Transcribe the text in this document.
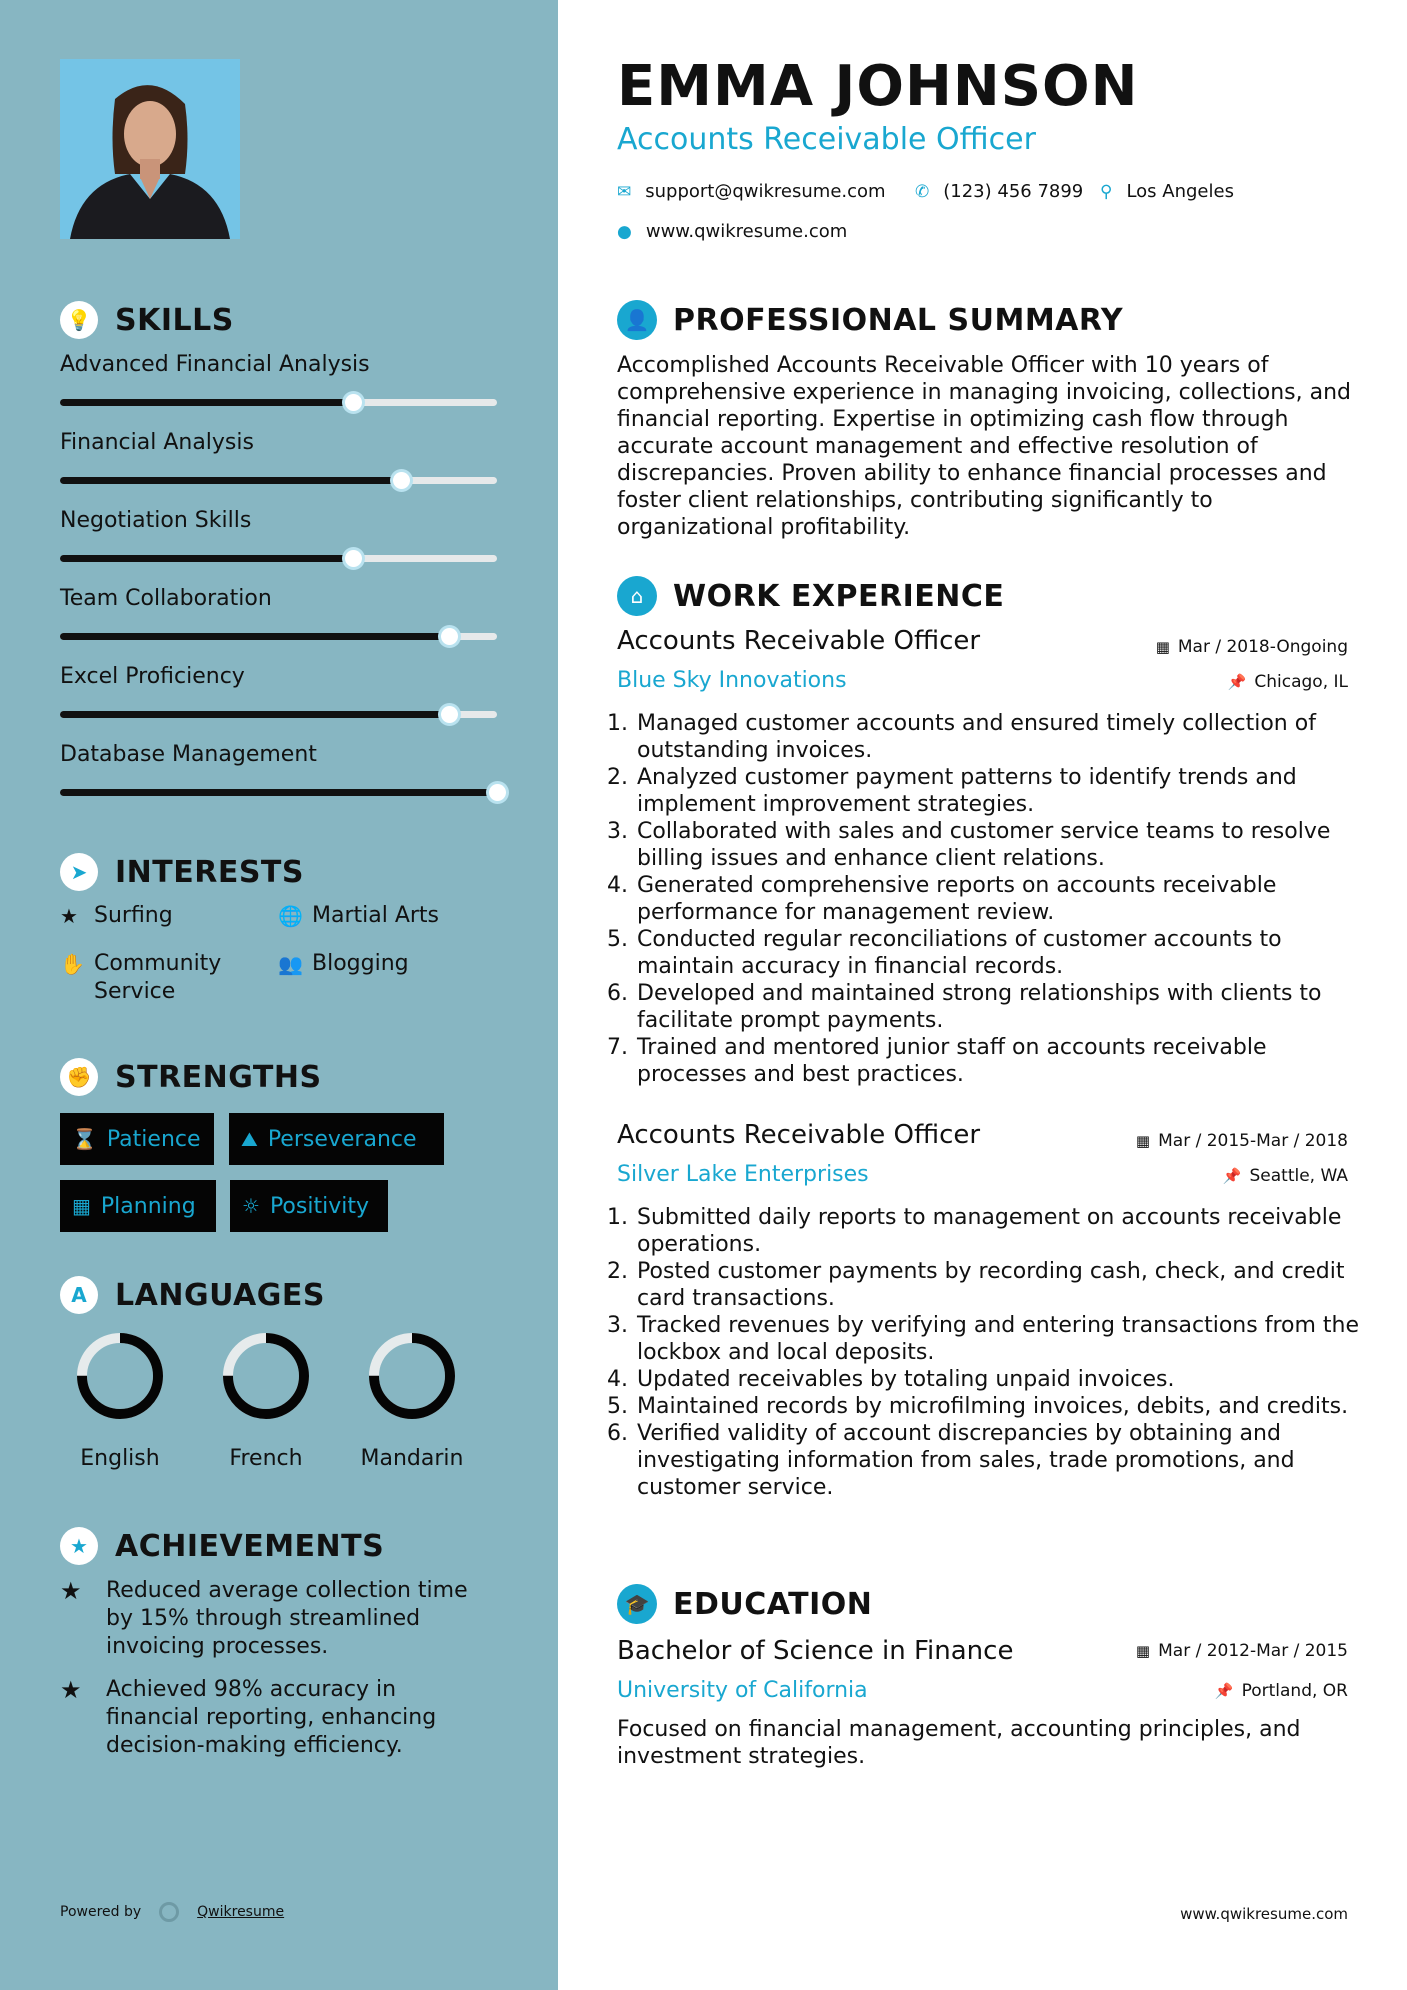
💡 SKILLS
Advanced Financial Analysis
Financial Analysis
Negotiation Skills
Team Collaboration
Excel Proficiency
Database Management
➤ INTERESTS
★ Surfing	🌐 Martial Arts
✋ Community Service
👥 Blogging
✊ STRENGTHS
⌛ Patience ⛰ Perseverance
▦ Planning ☼ Positivity
A LANGUAGES
English	French	Mandarin
★ ACHIEVEMENTS
★	Reduced average collection time by 15% through streamlined invoicing processes.
★	Achieved 98% accuracy in financial reporting, enhancing decision-making efficiency.
Powered by	Qwikresume
EMMA JOHNSON
Accounts Receivable Officer
✉ support@qwikresume.com ✆ (123) 456 7899 ⚲ Los Angeles
● www.qwikresume.com
👤 PROFESSIONAL SUMMARY
Accomplished Accounts Receivable Officer with 10 years of comprehensive experience in managing invoicing, collections, and financial reporting. Expertise in optimizing cash flow through accurate account management and effective resolution of discrepancies. Proven ability to enhance financial processes and foster client relationships, contributing significantly to organizational profitability.
⌂ WORK EXPERIENCE
Accounts Receivable Officer	▦ Mar / 2018-Ongoing
Blue Sky Innovations	📌 Chicago, IL
1. Managed customer accounts and ensured timely collection of outstanding invoices.
2. Analyzed customer payment patterns to identify trends and implement improvement strategies.
3. Collaborated with sales and customer service teams to resolve billing issues and enhance client relations.
4. Generated comprehensive reports on accounts receivable performance for management review.
5. Conducted regular reconciliations of customer accounts to maintain accuracy in financial records.
6. Developed and maintained strong relationships with clients to facilitate prompt payments.
7. Trained and mentored junior staff on accounts receivable processes and best practices.
Accounts Receivable Officer	▦ Mar / 2015-Mar / 2018
Silver Lake Enterprises	📌 Seattle, WA
1. Submitted daily reports to management on accounts receivable operations.
2. Posted customer payments by recording cash, check, and credit card transactions.
3. Tracked revenues by verifying and entering transactions from the lockbox and local deposits.
4. Updated receivables by totaling unpaid invoices.
5. Maintained records by microfilming invoices, debits, and credits.
6. Verified validity of account discrepancies by obtaining and investigating information from sales, trade promotions, and customer service.
🎓 EDUCATION
Bachelor of Science in Finance	▦ Mar / 2012-Mar / 2015
University of California	📌 Portland, OR
Focused on financial management, accounting principles, and investment strategies.
www.qwikresume.com
